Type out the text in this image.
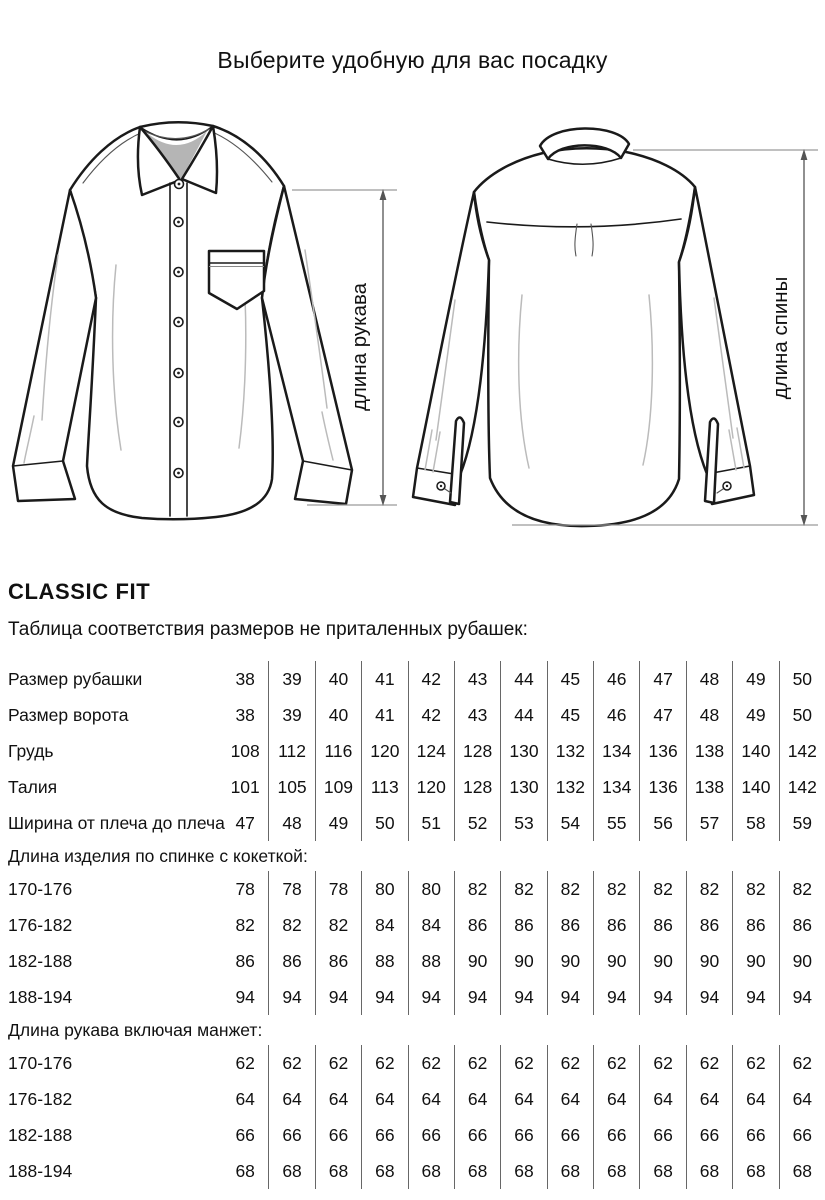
Выберите удобную для вас посадку
длина рукава	длина спины
CLASSIC FIT
Таблица соответствия размеров не приталенных рубашек:
Размер рубашки	38	39	40	41	42	43	44	45	46	47	48	49	50
Размер ворота	38	39	40	41	42	43	44	45	46	47	48	49	50
Грудь	108	112	116	120 124 128 130 132 134 136 138 140 142
Талия	101	105 109	113	120 128 130 132 134 136 138 140 142
Ширина от плеча до плеча 47	48	49	50	51	52	53	54	55	56	57	58	59
Длина изделия по спинке с кокеткой:
170-176	78	78	78	80	80	82	82	82	82	82	82	82	82
176-182	82	82	82	84	84	86	86	86	86	86	86	86	86
182-188	86	86	86	88	88	90	90	90	90	90	90	90	90
188-194	94	94	94	94	94	94	94	94	94	94	94	94	94
Длина рукава включая манжет:
170-176	62	62	62	62	62	62	62	62	62	62	62	62	62
176-182	64	64	64	64	64	64	64	64	64	64	64	64	64
182-188	66	66	66	66	66	66	66	66	66	66	66	66	66
188-194	68	68	68	68	68	68	68	68	68	68	68	68	68
